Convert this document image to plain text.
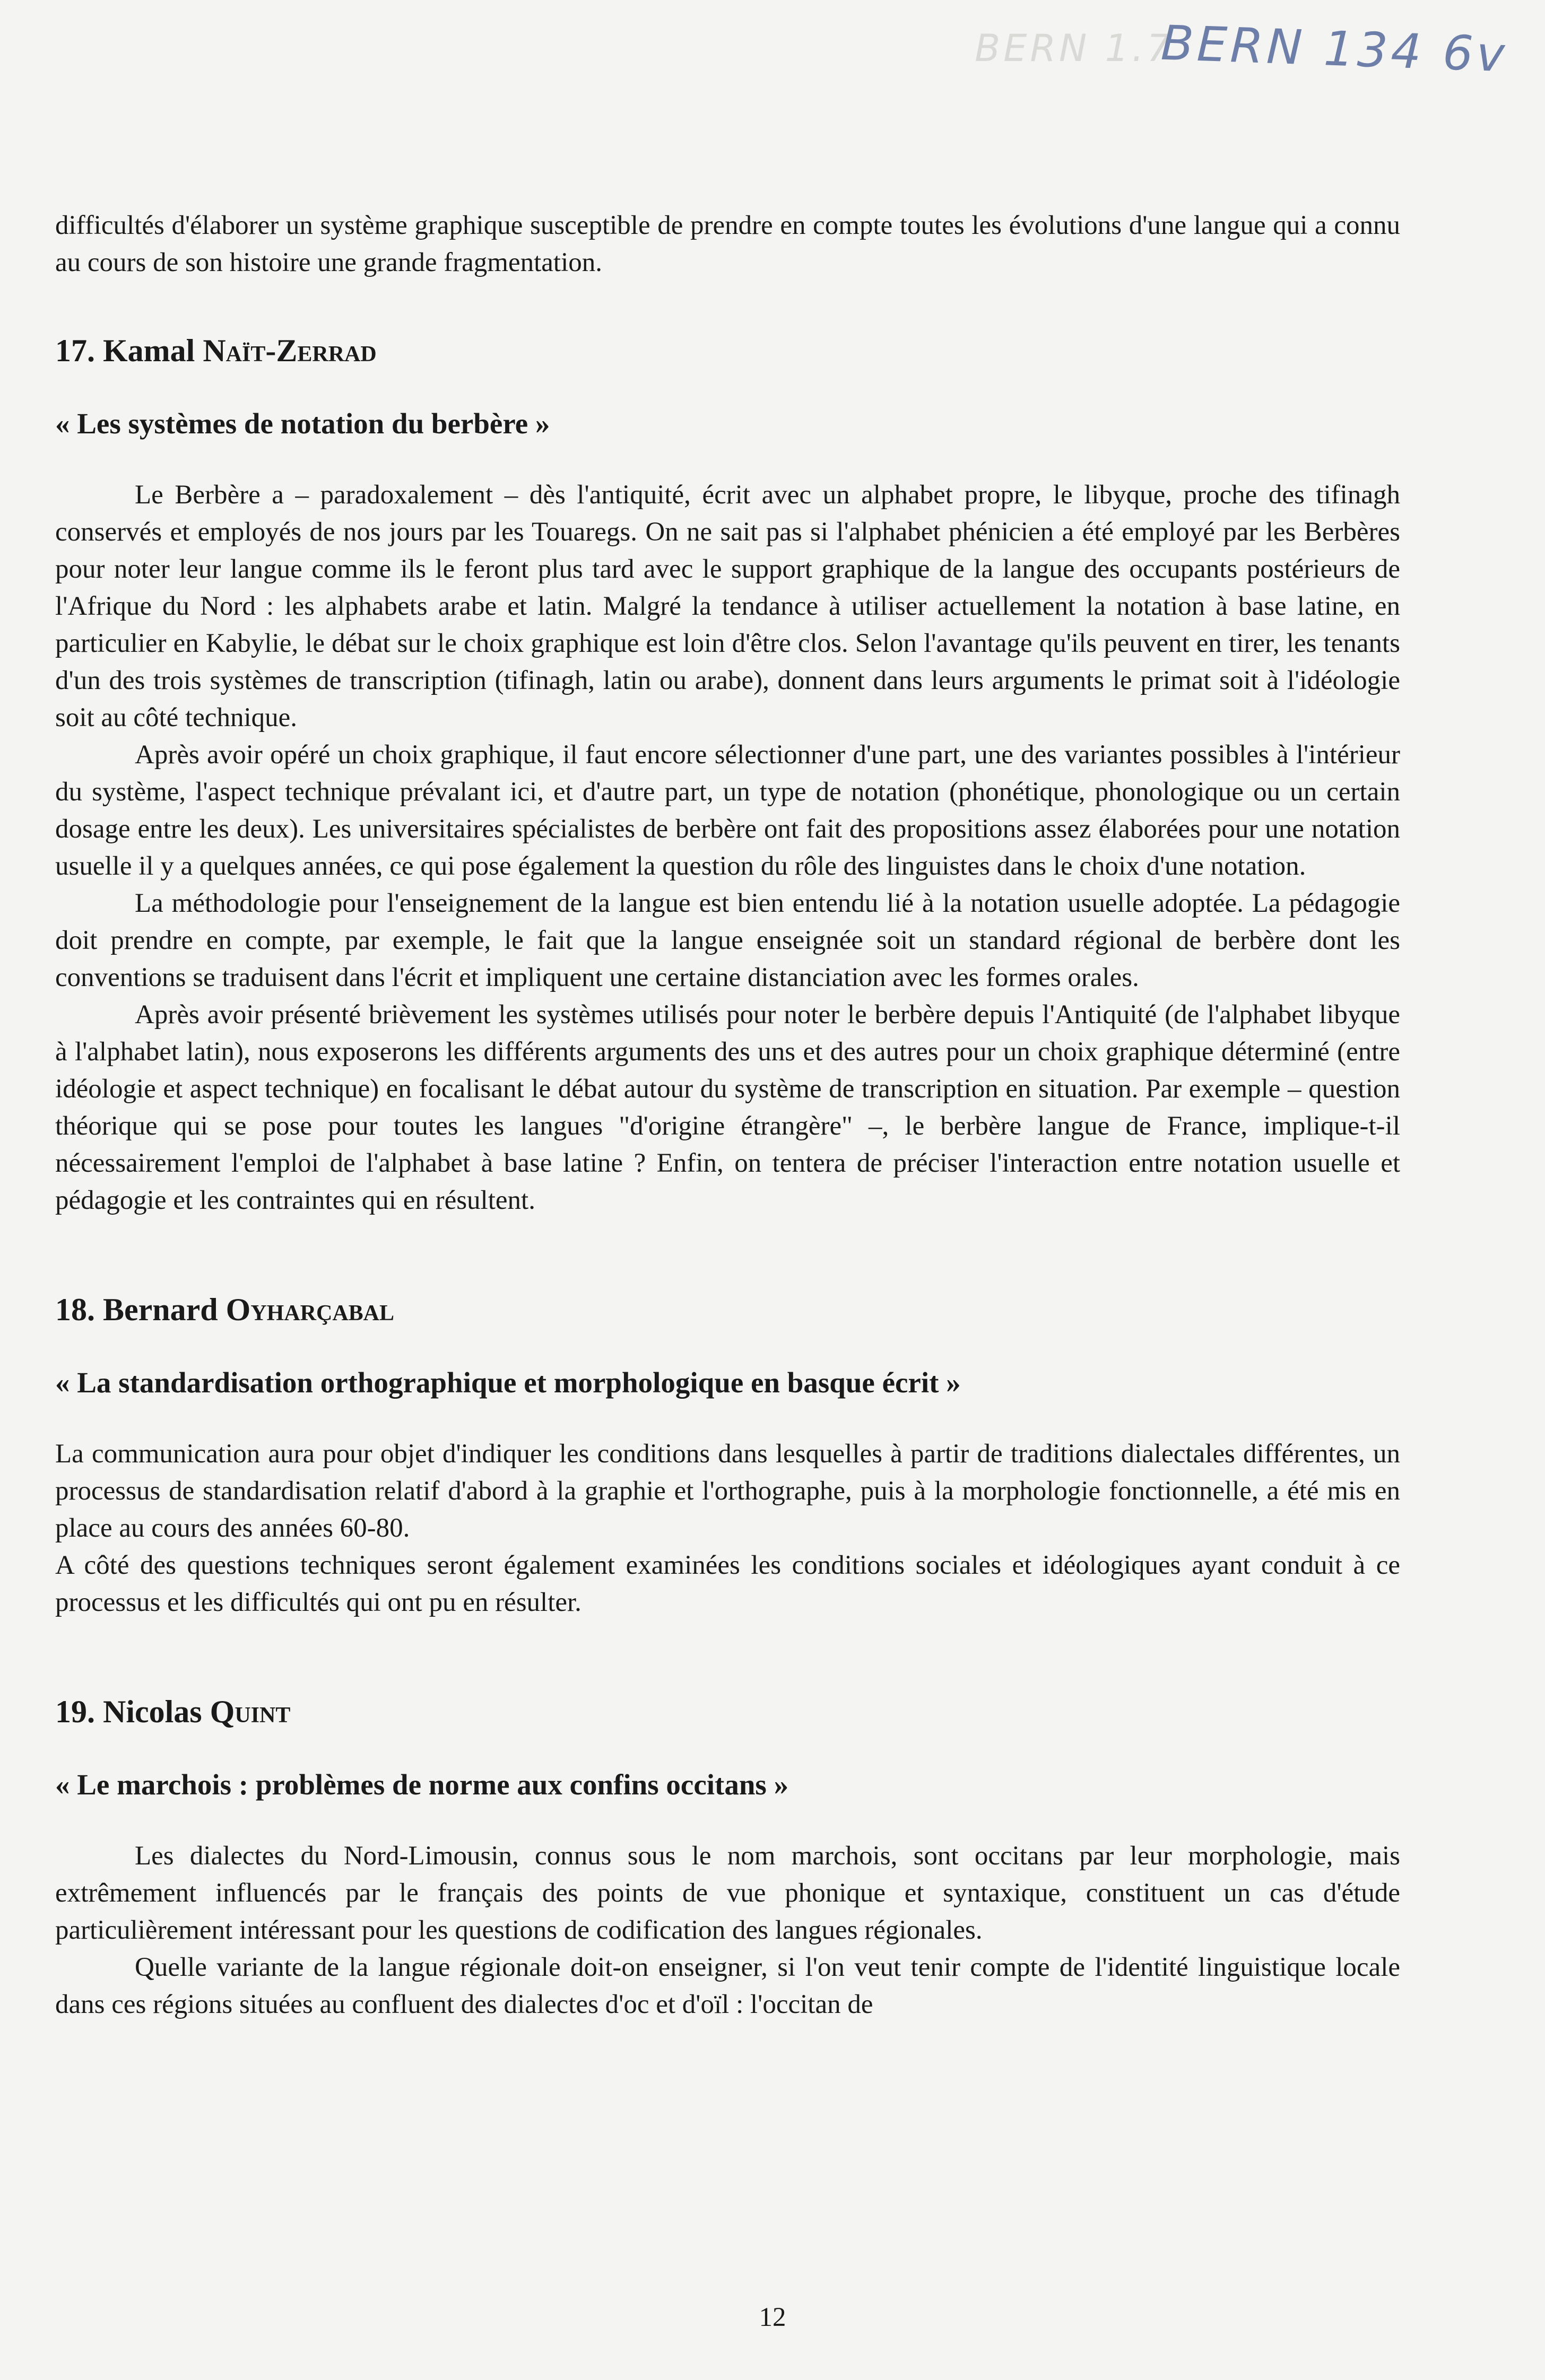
BERN 1.7
BERN 134 6v

difficultés d'élaborer un système graphique susceptible de prendre en compte toutes les évolutions d'une langue qui a connu au cours de son histoire une grande fragmentation.

17. Kamal Naït-Zerrad
« Les systèmes de notation du berbère »

Le Berbère a – paradoxalement – dès l'antiquité, écrit avec un alphabet propre, le libyque, proche des tifinagh conservés et employés de nos jours par les Touaregs. On ne sait pas si l'alphabet phénicien a été employé par les Berbères pour noter leur langue comme ils le feront plus tard avec le support graphique de la langue des occupants postérieurs de l'Afrique du Nord : les alphabets arabe et latin. Malgré la tendance à utiliser actuellement la notation à base latine, en particulier en Kabylie, le débat sur le choix graphique est loin d'être clos. Selon l'avantage qu'ils peuvent en tirer, les tenants d'un des trois systèmes de transcription (tifinagh, latin ou arabe), donnent dans leurs arguments le primat soit à l'idéologie soit au côté technique.

Après avoir opéré un choix graphique, il faut encore sélectionner d'une part, une des variantes possibles à l'intérieur du système, l'aspect technique prévalant ici, et d'autre part, un type de notation (phonétique, phonologique ou un certain dosage entre les deux). Les universitaires spécialistes de berbère ont fait des propositions assez élaborées pour une notation usuelle il y a quelques années, ce qui pose également la question du rôle des linguistes dans le choix d'une notation.

La méthodologie pour l'enseignement de la langue est bien entendu lié à la notation usuelle adoptée. La pédagogie doit prendre en compte, par exemple, le fait que la langue enseignée soit un standard régional de berbère dont les conventions se traduisent dans l'écrit et impliquent une certaine distanciation avec les formes orales.

Après avoir présenté brièvement les systèmes utilisés pour noter le berbère depuis l'Antiquité (de l'alphabet libyque à l'alphabet latin), nous exposerons les différents arguments des uns et des autres pour un choix graphique déterminé (entre idéologie et aspect technique) en focalisant le débat autour du système de transcription en situation. Par exemple – question théorique qui se pose pour toutes les langues "d'origine étrangère" –, le berbère langue de France, implique-t-il nécessairement l'emploi de l'alphabet à base latine ? Enfin, on tentera de préciser l'interaction entre notation usuelle et pédagogie et les contraintes qui en résultent.

18. Bernard Oyharçabal
« La standardisation orthographique et morphologique en basque écrit »

La communication aura pour objet d'indiquer les conditions dans lesquelles à partir de traditions dialectales différentes, un processus de standardisation relatif d'abord à la graphie et l'orthographe, puis à la morphologie fonctionnelle, a été mis en place au cours des années 60-80.

A côté des questions techniques seront également examinées les conditions sociales et idéologiques ayant conduit à ce processus et les difficultés qui ont pu en résulter.

19. Nicolas Quint
« Le marchois : problèmes de norme aux confins occitans »

Les dialectes du Nord-Limousin, connus sous le nom marchois, sont occitans par leur morphologie, mais extrêmement influencés par le français des points de vue phonique et syntaxique, constituent un cas d'étude particulièrement intéressant pour les questions de codification des langues régionales.

Quelle variante de la langue régionale doit-on enseigner, si l'on veut tenir compte de l'identité linguistique locale dans ces régions situées au confluent des dialectes d'oc et d'oïl : l'occitan de

12
